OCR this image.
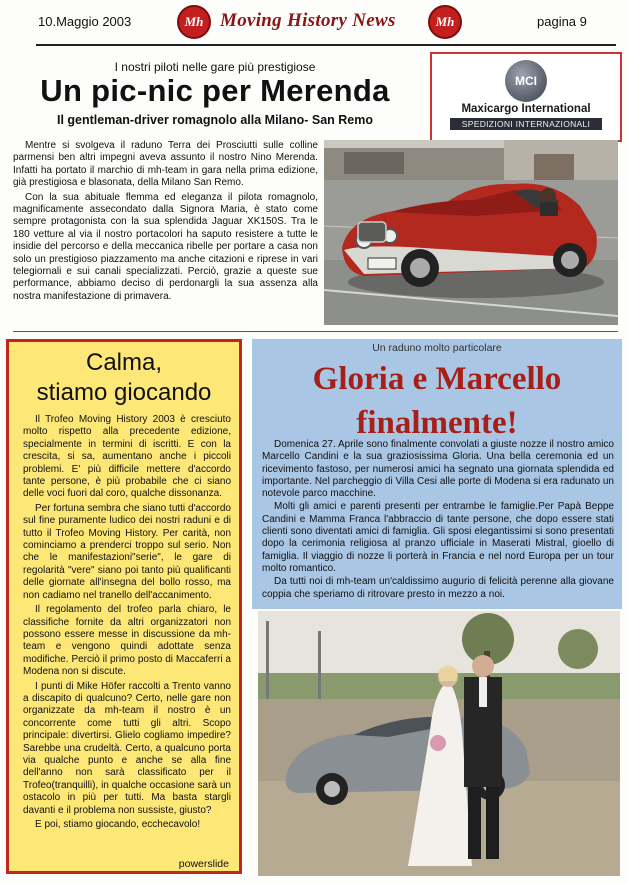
10.Maggio 2003	Mh Moving History News	Mh	pagina 9
I nostri piloti nelle gare più prestigiose
Un pic-nic per Merenda
Il gentleman-driver romagnolo alla Milano- San Remo

Mentre si svolgeva il raduno Terra dei Prosciutti sulle colline parmensi ben altri impegni aveva assunto il nostro Nino Merenda. Infatti ha portato il marchio di mh-team in gara nella prima edizione, già prestigiosa e blasonata, della Milano San Remo.

Con la sua abituale flemma ed eleganza il pilota romagnolo, magnificamente assecondato dalla Signora Maria, è stato come sempre protagonista con la sua splendida Jaguar XK150S. Tra le 180 vetture al via il nostro portacolori ha saputo resistere a tutte le insidie del percorso e della meccanica ribelle per portare a casa non solo un prestigioso piazzamento ma anche citazioni e riprese in vari telegiornali e sui canali specializzati. Perciò, grazie a queste sue performance, abbiamo deciso di perdonargli la sua assenza alla nostra manifestazione di primavera.

MCI
Maxicargo International
SPEDIZIONI INTERNAZIONALI
Calma,
stiamo giocando

Il Trofeo Moving History 2003 è cresciuto molto rispetto alla precedente edizione, specialmente in termini di iscritti. E con la crescita, si sa, aumentano anche i piccoli problemi. E' più difficile mettere d'accordo tante persone, è più probabile che ci siano delle voci fuori dal coro, qualche dissonanza.

Per fortuna sembra che siano tutti d'accordo sul fine puramente ludico dei nostri raduni e di tutto il Trofeo Moving History. Per carità, non cominciamo a prenderci troppo sul serio. Non che le manifestazioni"serie", le gare di regolarità "vere" siano poi tanto più qualificanti delle giornate all'insegna del bollo rosso, ma non cadiamo nel tranello dell'accanimento.

Il regolamento del trofeo parla chiaro, le classifiche fornite da altri organizzatori non possono essere messe in discussione da mh-team e vengono quindi adottate senza modifiche. Perciò il primo posto di Maccaferri a Modena non si discute.

I punti di Mike Höfer raccolti a Trento vanno a discapito di qualcuno? Certo, nelle gare non organizzate da mh-team il nostro è un concorrente come tutti gli altri. Scopo principale: divertirsi. Glielo cogliamo impedire? Sarebbe una crudeltà. Certo, a qualcuno porta via qualche punto e anche se alla fine dell'anno non sarà classificato per il Trofeo(tranquilli), in qualche occasione sarà un ostacolo in più per tutti. Ma basta stargli davanti e il problema non sussiste, giusto?

E poi, stiamo giocando, ecchecavolo!

powerslide
Un raduno molto particolare
Gloria e Marcello
finalmente!

Domenica 27. Aprile sono finalmente convolati a giuste nozze il nostro amico Marcello Candini e la sua graziosissima Gloria. Una bella ceremonia ed un ricevimento fastoso, per numerosi amici ha segnato una giornata splendida ed importante. Nel parcheggio di Villa Cesi alle porte di Modena si era radunato un notevole parco macchine.

Molti gli amici e parenti presenti per entrambe le famiglie.Per Papà Beppe Candini e Mamma Franca l'abbraccio di tante persone, che dopo essere stati clienti sono diventati amici di famiglia. Gli sposi elegantissimi si sono presentati dopo la cerimonia religiosa al pranzo ufficiale in Maserati Mistral, gioello di famiglia. Il viaggio di nozze li porterà in Francia e nel nord Europa per un tour molto romantico.

Da tutti noi di mh-team un'caldissimo augurio di felicità perenne alla giovane coppia che speriamo di ritrovare presto in mezzo a noi.
